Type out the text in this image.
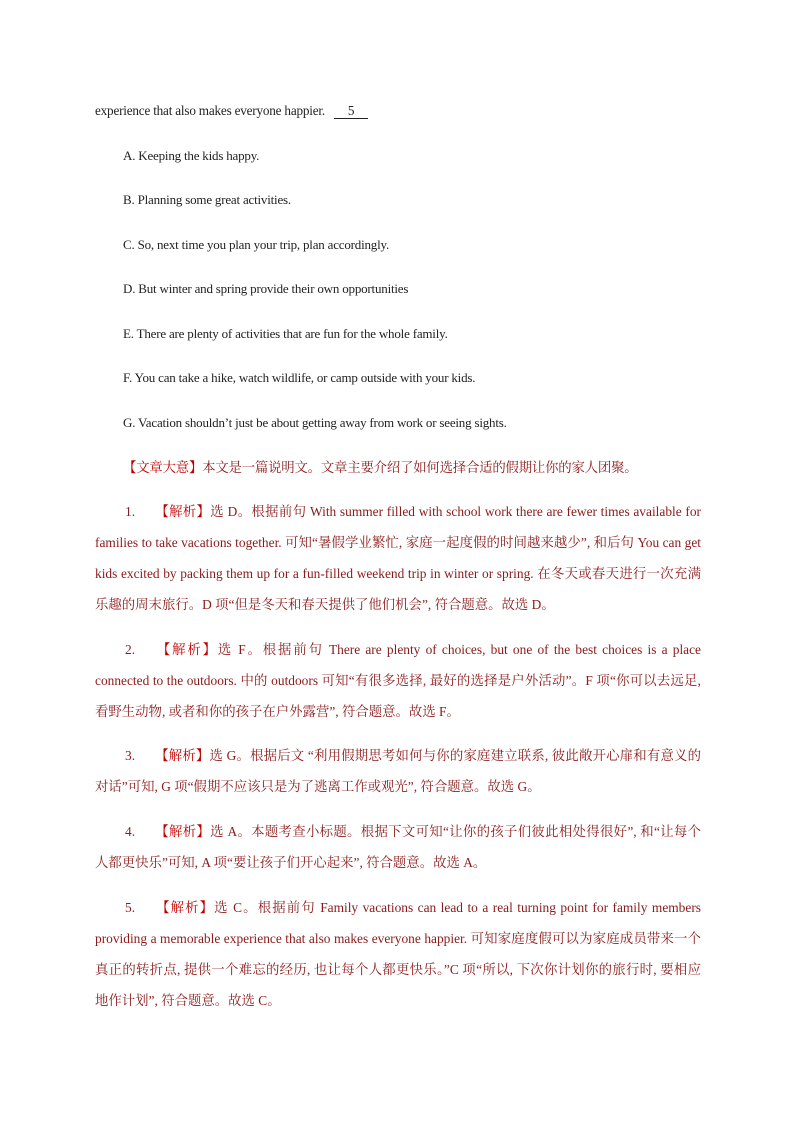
experience that also makes everyone happier. 5
A. Keeping the kids happy.
B. Planning some great activities.
C. So, next time you plan your trip, plan accordingly.
D. But winter and spring provide their own opportunities
E. There are plenty of activities that are fun for the whole family.
F. You can take a hike, watch wildlife, or camp outside with your kids.
G. Vacation shouldn’t just be about getting away from work or seeing sights.
【文章大意】本文是一篇说明文。文章主要介绍了如何选择合适的假期让你的家人团聚。
1. 【解析】选 D。根据前句 With summer filled with school work there are fewer times available for families to take vacations together. 可知“暑假学业繁忙, 家庭一起度假的时间越来越少”, 和后句 You can get kids excited by packing them up for a fun-filled weekend trip in winter or spring. 在冬天或春天进行一次充满乐趣的周末旅行。D 项“但是冬天和春天提供了他们机会”, 符合题意。故选 D。
2. 【解析】选 F。根据前句 There are plenty of choices, but one of the best choices is a place connected to the outdoors. 中的 outdoors 可知“有很多选择, 最好的选择是户外活动”。F 项“你可以去远足, 看野生动物, 或者和你的孩子在户外露营”, 符合题意。故选 F。
3. 【解析】选 G。根据后文 “利用假期思考如何与你的家庭建立联系, 彼此敞开心扉和有意义的对话”可知, G 项“假期不应该只是为了逃离工作或观光”, 符合题意。故选 G。
4. 【解析】选 A。本题考查小标题。根据下文可知“让你的孩子们彼此相处得很好”, 和“让每个人都更快乐”可知, A 项“要让孩子们开心起来”, 符合题意。故选 A。
5. 【解析】选 C。根据前句 Family vacations can lead to a real turning point for family members providing a memorable experience that also makes everyone happier. 可知家庭度假可以为家庭成员带来一个真正的转折点, 提供一个难忘的经历, 也让每个人都更快乐。”C 项“所以, 下次你计划你的旅行时, 要相应地作计划”, 符合题意。故选 C。
